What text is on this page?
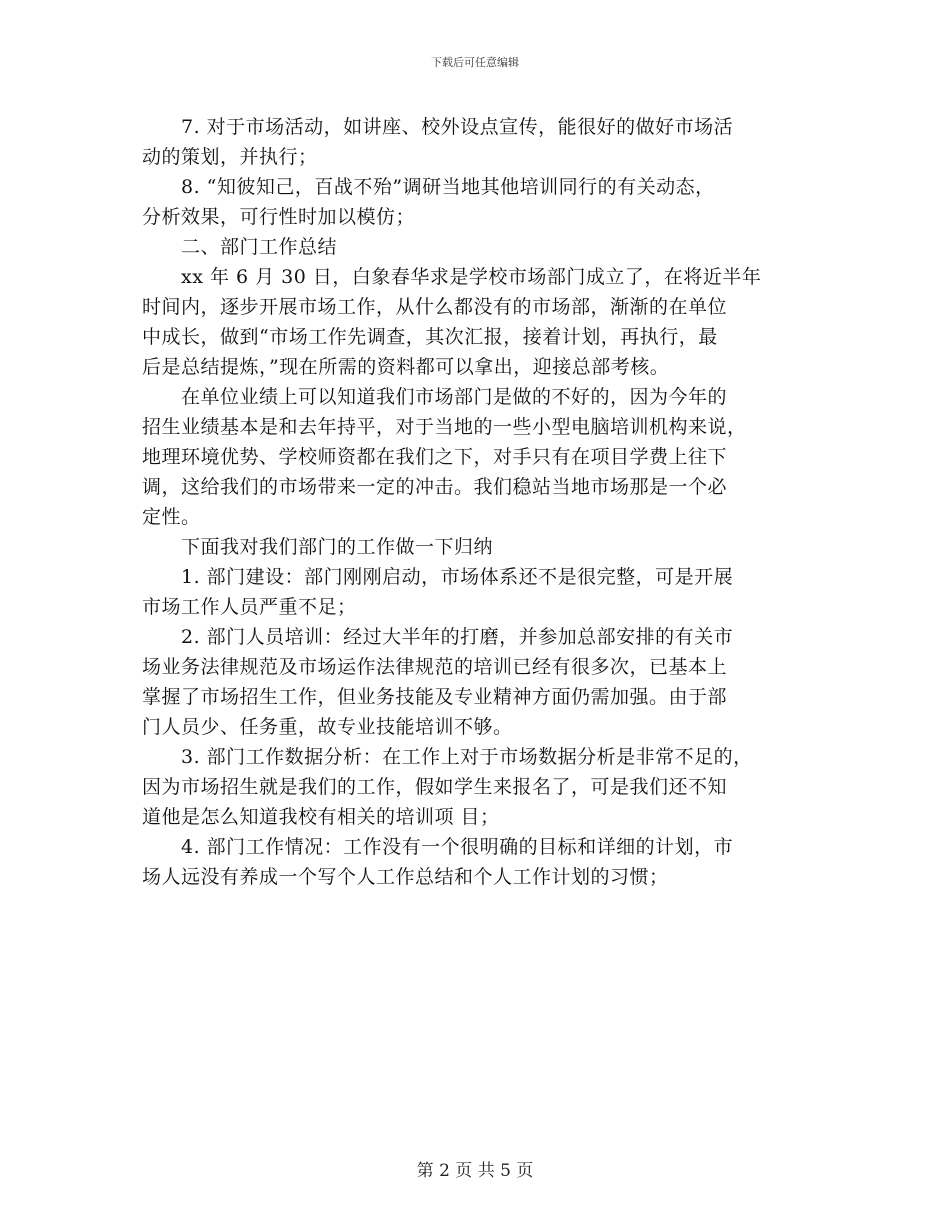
下载后可任意编辑
　　7. 对于市场活动，如讲座、校外设点宣传，能很好的做好市场活
动的策划，并执行；
　　8. “知彼知己，百战不殆”调研当地其他培训同行的有关动态，
分析效果，可行性时加以模仿；
　　二、部门工作总结
　　xx 年 6 月 30 日，白象春华求是学校市场部门成立了，在将近半年
时间内，逐步开展市场工作，从什么都没有的市场部，渐渐的在单位
中成长，做到“市场工作先调查，其次汇报，接着计划，再执行，最
后是总结提炼，”现在所需的资料都可以拿出，迎接总部考核。
　　在单位业绩上可以知道我们市场部门是做的不好的，因为今年的
招生业绩基本是和去年持平，对于当地的一些小型电脑培训机构来说，
地理环境优势、学校师资都在我们之下，对手只有在项目学费上往下
调，这给我们的市场带来一定的冲击。我们稳站当地市场那是一个必
定性。
　　下面我对我们部门的工作做一下归纳
　　1. 部门建设：部门刚刚启动，市场体系还不是很完整，可是开展
市场工作人员严重不足；
　　2. 部门人员培训：经过大半年的打磨，并参加总部安排的有关市
场业务法律规范及市场运作法律规范的培训已经有很多次，已基本上
掌握了市场招生工作，但业务技能及专业精神方面仍需加强。由于部
门人员少、任务重，故专业技能培训不够。
　　3. 部门工作数据分析：在工作上对于市场数据分析是非常不足的，
因为市场招生就是我们的工作，假如学生来报名了，可是我们还不知
道他是怎么知道我校有相关的培训项 目；
　　4. 部门工作情况：工作没有一个很明确的目标和详细的计划，市
场人远没有养成一个写个人工作总结和个人工作计划的习惯；
第 2 页 共 5 页
